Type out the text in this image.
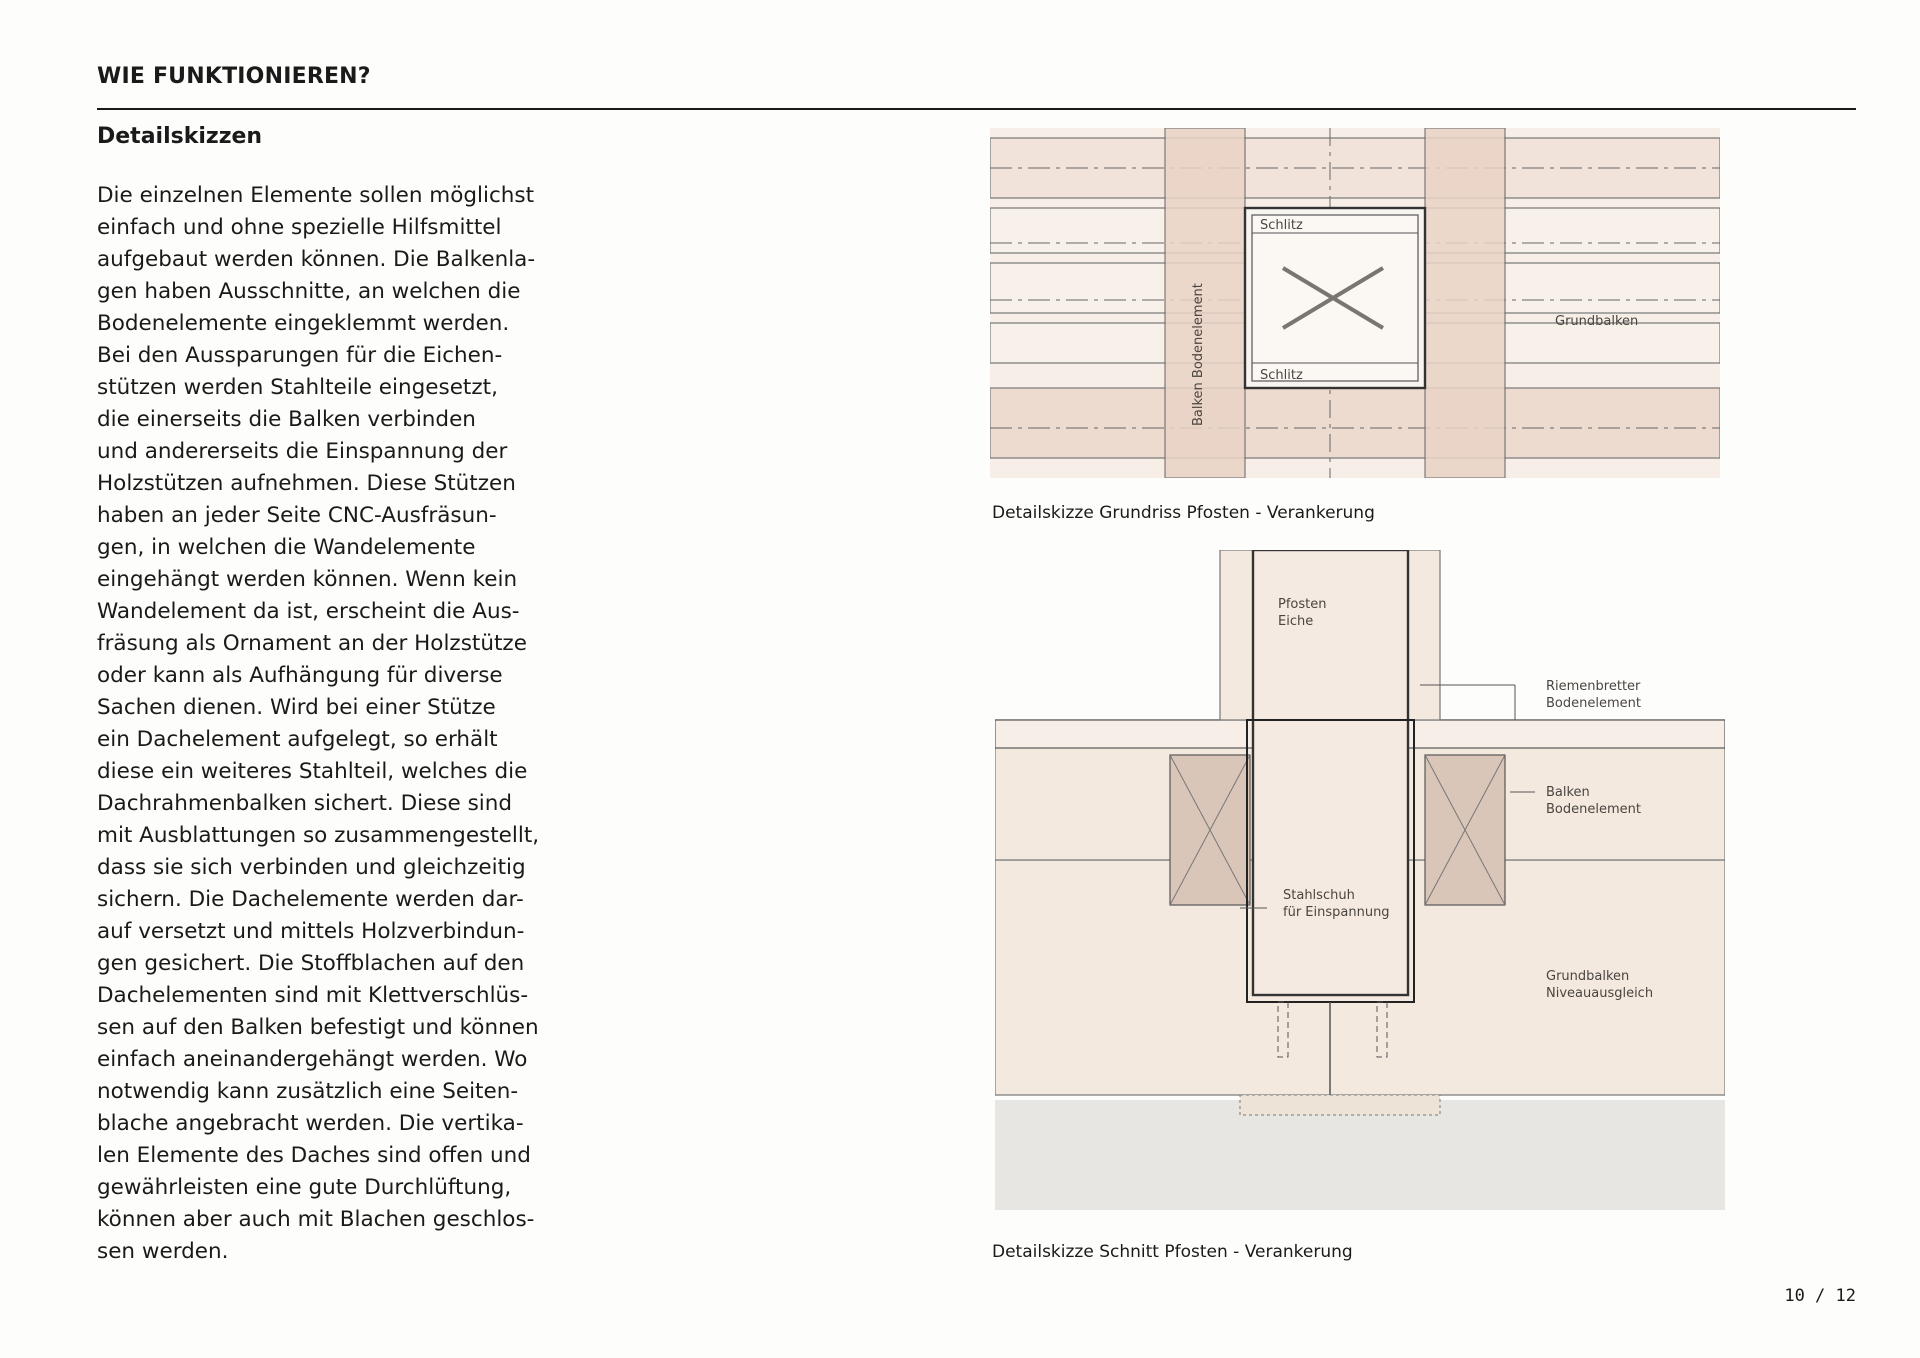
WIE FUNKTIONIEREN?
Detailskizzen

Die einzelnen Elemente sollen möglichst
einfach und ohne spezielle Hilfsmittel
aufgebaut werden können. Die Balkenla-
gen haben Ausschnitte, an welchen die
Bodenelemente eingeklemmt werden.
Bei den Aussparungen für die Eichen-
stützen werden Stahlteile eingesetzt,
die einerseits die Balken verbinden
und andererseits die Einspannung der
Holzstützen aufnehmen. Diese Stützen
haben an jeder Seite CNC-Ausfräsun-
gen, in welchen die Wandelemente
eingehängt werden können. Wenn kein
Wandelement da ist, erscheint die Aus-
fräsung als Ornament an der Holzstütze
oder kann als Aufhängung für diverse
Sachen dienen. Wird bei einer Stütze
ein Dachelement aufgelegt, so erhält
diese ein weiteres Stahlteil, welches die
Dachrahmenbalken sichert. Diese sind
mit Ausblattungen so zusammengestellt,
dass sie sich verbinden und gleichzeitig
sichern. Die Dachelemente werden dar-
auf versetzt und mittels Holzverbindun-
gen gesichert. Die Stoffblachen auf den
Dachelementen sind mit Klettverschlüs-
sen auf den Balken befestigt und können
einfach aneinandergehängt werden. Wo
notwendig kann zusätzlich eine Seiten-
blache angebracht werden. Die vertika-
len Elemente des Daches sind offen und
gewährleisten eine gute Durchlüftung,
können aber auch mit Blachen geschlos-
sen werden.

Schlitz
Schlitz
Balken Bodenelement	Grundbalken
Detailskizze Grundriss Pfosten - Verankerung
Pfosten
Eiche
Riemenbretter
Bodenelement
Balken
Bodenelement
Stahlschuh
für Einspannung
Grundbalken
Niveauausgleich
Detailskizze Schnitt Pfosten - Verankerung
10 / 12
